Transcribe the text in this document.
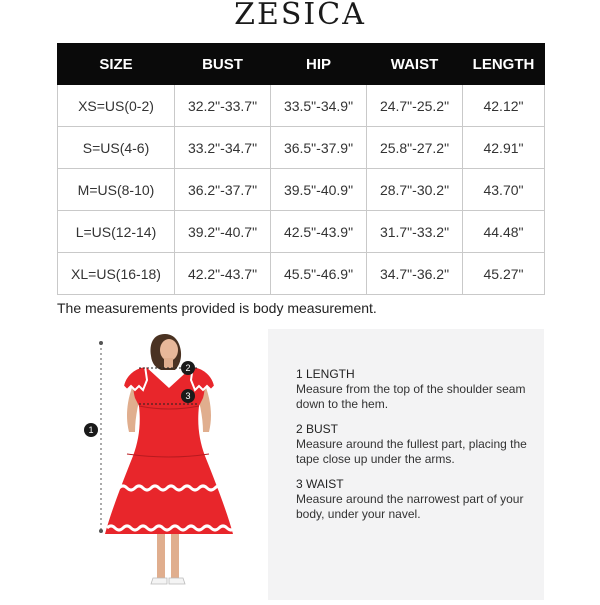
ZESICA
SIZE	BUST	HIP	WAIST	LENGTH
XS=US(0-2)	32.2"-33.7"	33.5"-34.9"	24.7"-25.2"	42.12"
S=US(4-6)	33.2"-34.7"	36.5"-37.9"	25.8"-27.2"	42.91"
M=US(8-10)	36.2"-37.7"	39.5"-40.9"	28.7"-30.2"	43.70"
L=US(12-14)	39.2"-40.7"	42.5"-43.9"	31.7"-33.2"	44.48"
XL=US(16-18)	42.2"-43.7"	45.5"-46.9"	34.7"-36.2"	45.27"
The measurements provided is body measurement.
1
2
3
1 LENGTH
Measure from the top of the shoulder seam down to the hem.
2 BUST
Measure around the fullest part, placing the tape close up under the arms.
3 WAIST
Measure around the narrowest part of your body, under your navel.
